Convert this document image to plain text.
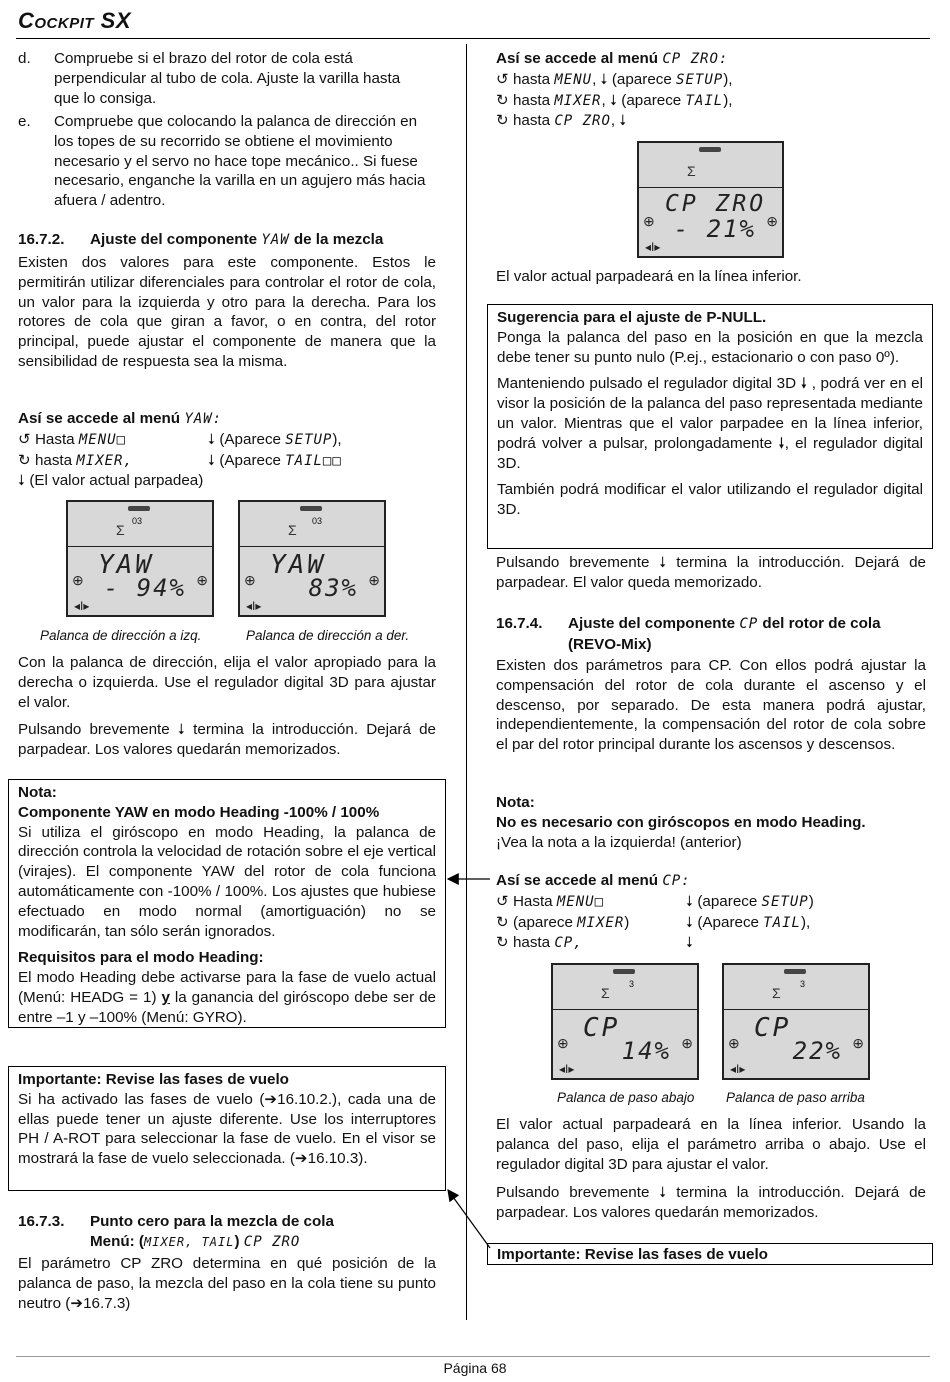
Cockpit SX
Página 68
d.	Compruebe si el brazo del rotor de cola está perpendicular al tubo de cola. Ajuste la varilla hasta que lo consiga.
e.	Compruebe que colocando la palanca de dirección en los topes de su recorrido se obtiene el movimiento necesario y el servo no hace tope mecánico.. Si fuese necesario, enganche la varilla en un agujero más hacia afuera / adentro.
16.7.2.	Ajuste del componente YAW de la mezcla

Existen dos valores para este componente. Estos le permitirán utilizar diferenciales para controlar el rotor de cola, un valor para la izquierda y otro para la derecha. Para los rotores de cola que giran a favor, o en contra, del rotor principal, puede ajustar el componente de manera que la sensibilidad de respuesta sea la misma.

Así se accede al menú YAW:
↺ Hasta MENU□	⭣ (Aparece SETUP),
↻ hasta MIXER,	⭣ (Aparece TAIL□□
⭣ (El valor actual parpadea)
03
Σ
YAW
- 94%
⊕	⊕
◂I▸
03
Σ
YAW
83%
⊕	⊕
◂I▸
Palanca de dirección a izq.	Palanca de dirección a der.

Con la palanca de dirección, elija el valor apropiado para la derecha o izquierda. Use el regulador digital 3D para ajustar el valor.

Pulsando brevemente ⭣ termina la introducción. Dejará de parpadear. Los valores quedarán memorizados.

Nota:
Componente YAW en modo Heading -100% / 100%

Si utiliza el giróscopo en modo Heading, la palanca de dirección controla la velocidad de rotación sobre el eje vertical (virajes). El componente YAW del rotor de cola funciona automáticamente con -100% / 100%. Los ajustes que hubiese efectuado en modo normal (amortiguación) no se modificarán, tan sólo serán ignorados.

Requisitos para el modo Heading:

El modo Heading debe activarse para la fase de vuelo actual (Menú: HEADG = 1) y la ganancia del giróscopo debe ser de entre –1 y –100% (Menú: GYRO).

Importante: Revise las fases de vuelo

Si ha activado las fases de vuelo (➔16.10.2.), cada una de ellas puede tener un ajuste diferente. Use los interruptores PH / A-ROT para seleccionar la fase de vuelo. En el visor se mostrará la fase de vuelo seleccionada. (➔16.10.3).

16.7.3.	Punto cero para la mezcla de cola
Menú: (MIXER, TAIL) CP ZRO

El parámetro CP ZRO determina en qué posición de la palanca de paso, la mezcla del paso en la cola tiene su punto neutro (➔16.7.3)

Así se accede al menú CP ZRO:
↺ hasta MENU, ⭣ (aparece SETUP),
↻ hasta MIXER, ⭣ (aparece TAIL),
↻ hasta CP ZRO, ⭣
Σ
CP ZRO
- 21%
⊕	⊕
◂I▸

El valor actual parpadeará en la línea inferior.

Sugerencia para el ajuste de P-NULL.

Ponga la palanca del paso en la posición en que la mezcla debe tener su punto nulo (P.ej., estacionario o con paso 0º).

Manteniendo pulsado el regulador digital 3D 🠗 , podrá ver en el visor la posición de la palanca del paso representada mediante un valor. Mientras que el valor parpadee en la línea inferior, podrá volver a pulsar, prolongadamente 🠗, el regulador digital 3D.

También podrá modificar el valor utilizando el regulador digital 3D.

Pulsando brevemente ⭣ termina la introducción. Dejará de parpadear. El valor queda memorizado.

16.7.4.	Ajuste del componente CP del rotor de cola (REVO-Mix)

Existen dos parámetros para CP. Con ellos podrá ajustar la compensación del rotor de cola durante el ascenso y el descenso, por separado. De esta manera podrá ajustar, independientemente, la compensación del rotor de cola sobre el par del rotor principal durante los ascensos y descensos.

Nota:
No es necesario con giróscopos en modo Heading.
¡Vea la nota a la izquierda! (anterior)
Así se accede al menú CP:
↺ Hasta MENU□	⭣ (aparece SETUP)
↻ (aparece MIXER)	⭣ (Aparece TAIL),
↻ hasta CP,	⭣
3
Σ
CP
14%
⊕	⊕
◂I▸
3
Σ
CP
22%
⊕	⊕
◂I▸
Palanca de paso abajo Palanca de paso arriba

El valor actual parpadeará en la línea inferior. Usando la palanca del paso, elija el parámetro arriba o abajo. Use el regulador digital 3D para ajustar el valor.

Pulsando brevemente ⭣ termina la introducción. Dejará de parpadear. Los valores quedarán memorizados.

Importante: Revise las fases de vuelo
